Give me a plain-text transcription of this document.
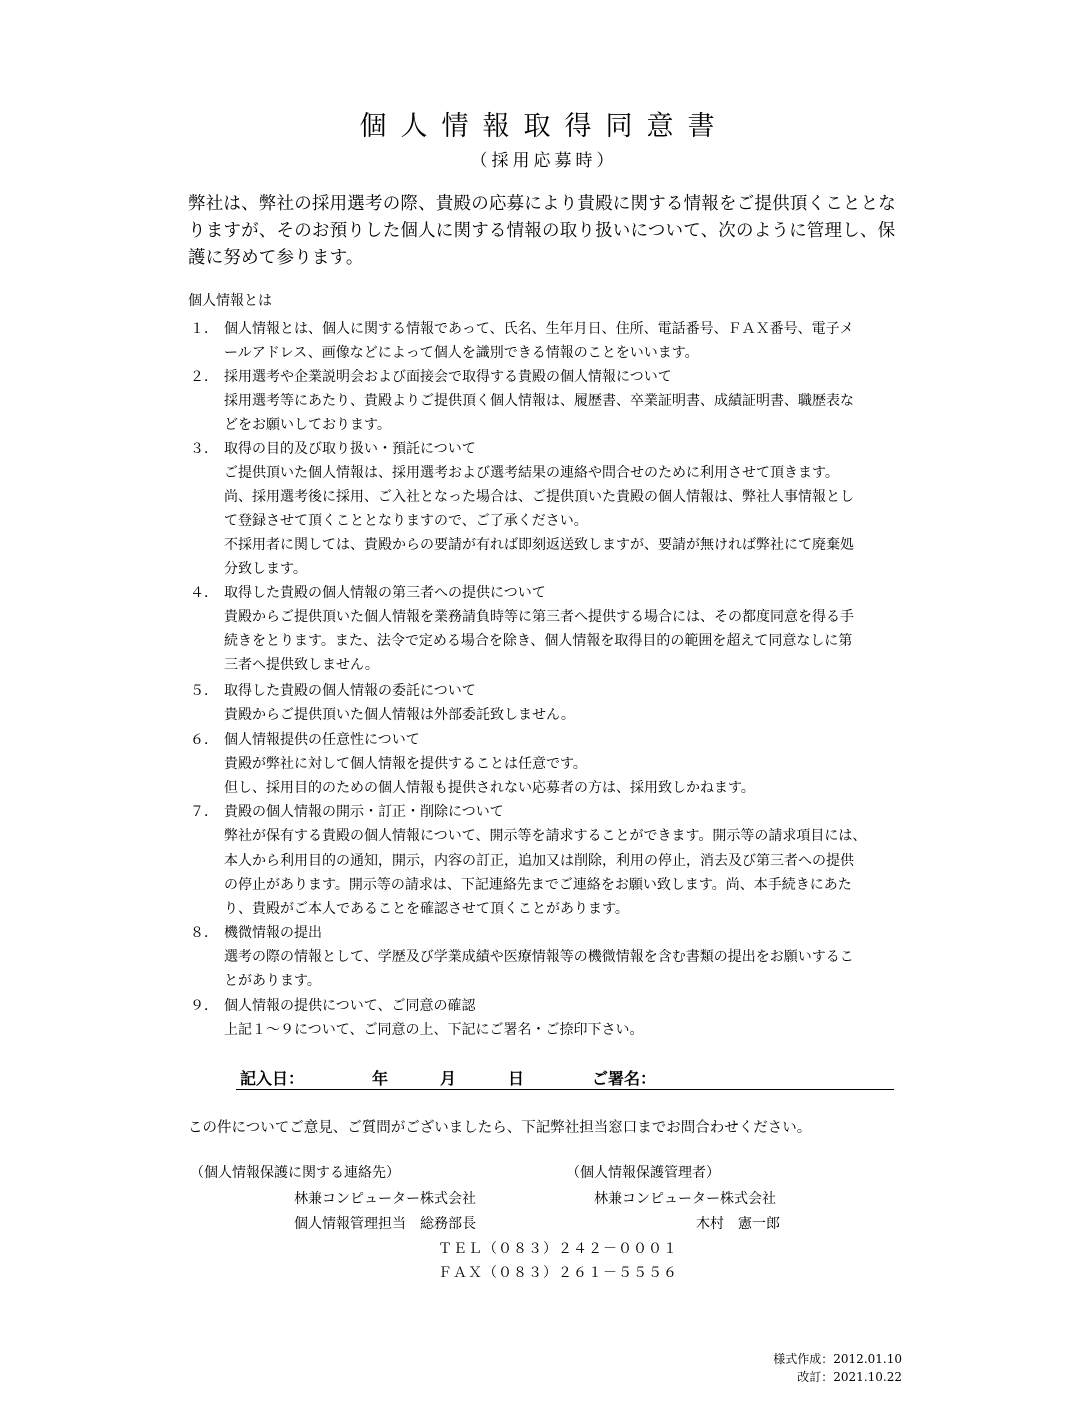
個人情報取得同意書
（採用応募時）
弊社は、弊社の採用選考の際、貴殿の応募により貴殿に関する情報をご提供頂くこととな
りますが、そのお預りした個人に関する情報の取り扱いについて、次のように管理し、保
護に努めて参ります。
個人情報とは
１． 個人情報とは、個人に関する情報であって、氏名、生年月日、住所、電話番号、ＦＡＸ番号、電子メ
ールアドレス、画像などによって個人を識別できる情報のことをいいます。
２． 採用選考や企業説明会および面接会で取得する貴殿の個人情報について
採用選考等にあたり、貴殿よりご提供頂く個人情報は、履歴書、卒業証明書、成績証明書、職歴表な
どをお願いしております。
３． 取得の目的及び取り扱い・預託について
ご提供頂いた個人情報は、採用選考および選考結果の連絡や問合せのために利用させて頂きます。
尚、採用選考後に採用、ご入社となった場合は、ご提供頂いた貴殿の個人情報は、弊社人事情報とし
て登録させて頂くこととなりますので、ご了承ください。
不採用者に関しては、貴殿からの要請が有れば即刻返送致しますが、要請が無ければ弊社にて廃棄処
分致します。
４． 取得した貴殿の個人情報の第三者への提供について
貴殿からご提供頂いた個人情報を業務請負時等に第三者へ提供する場合には、その都度同意を得る手
続きをとります。また、法令で定める場合を除き、個人情報を取得目的の範囲を超えて同意なしに第
三者へ提供致しません。
５． 取得した貴殿の個人情報の委託について
貴殿からご提供頂いた個人情報は外部委託致しません。
６． 個人情報提供の任意性について
貴殿が弊社に対して個人情報を提供することは任意です。
但し、採用目的のための個人情報も提供されない応募者の方は、採用致しかねます。
７． 貴殿の個人情報の開示・訂正・削除について
弊社が保有する貴殿の個人情報について、開示等を請求することができます。開示等の請求項目には、
本人から利用目的の通知，開示，内容の訂正，追加又は削除，利用の停止，消去及び第三者への提供
の停止があります。開示等の請求は、下記連絡先までご連絡をお願い致します。尚、本手続きにあた
り、貴殿がご本人であることを確認させて頂くことがあります。
８． 機微情報の提出
選考の際の情報として、学歴及び学業成績や医療情報等の機微情報を含む書類の提出をお願いするこ
とがあります。
９． 個人情報の提供について、ご同意の確認
上記１～９について、ご同意の上、下記にご署名・ご捺印下さい。
記入日：	年	月	日	ご署名：
この件についてご意見、ご質問がございましたら、下記弊社担当窓口までお問合わせください。
（個人情報保護に関する連絡先）
林兼コンピューター株式会社
個人情報管理担当　総務部長
（個人情報保護管理者）
林兼コンピューター株式会社
木村　憲一郎
ＴＥＬ（０８３）２４２－０００１
ＦＡＸ（０８３）２６１－５５５６
様式作成：2012.01.10
改訂：2021.10.22
